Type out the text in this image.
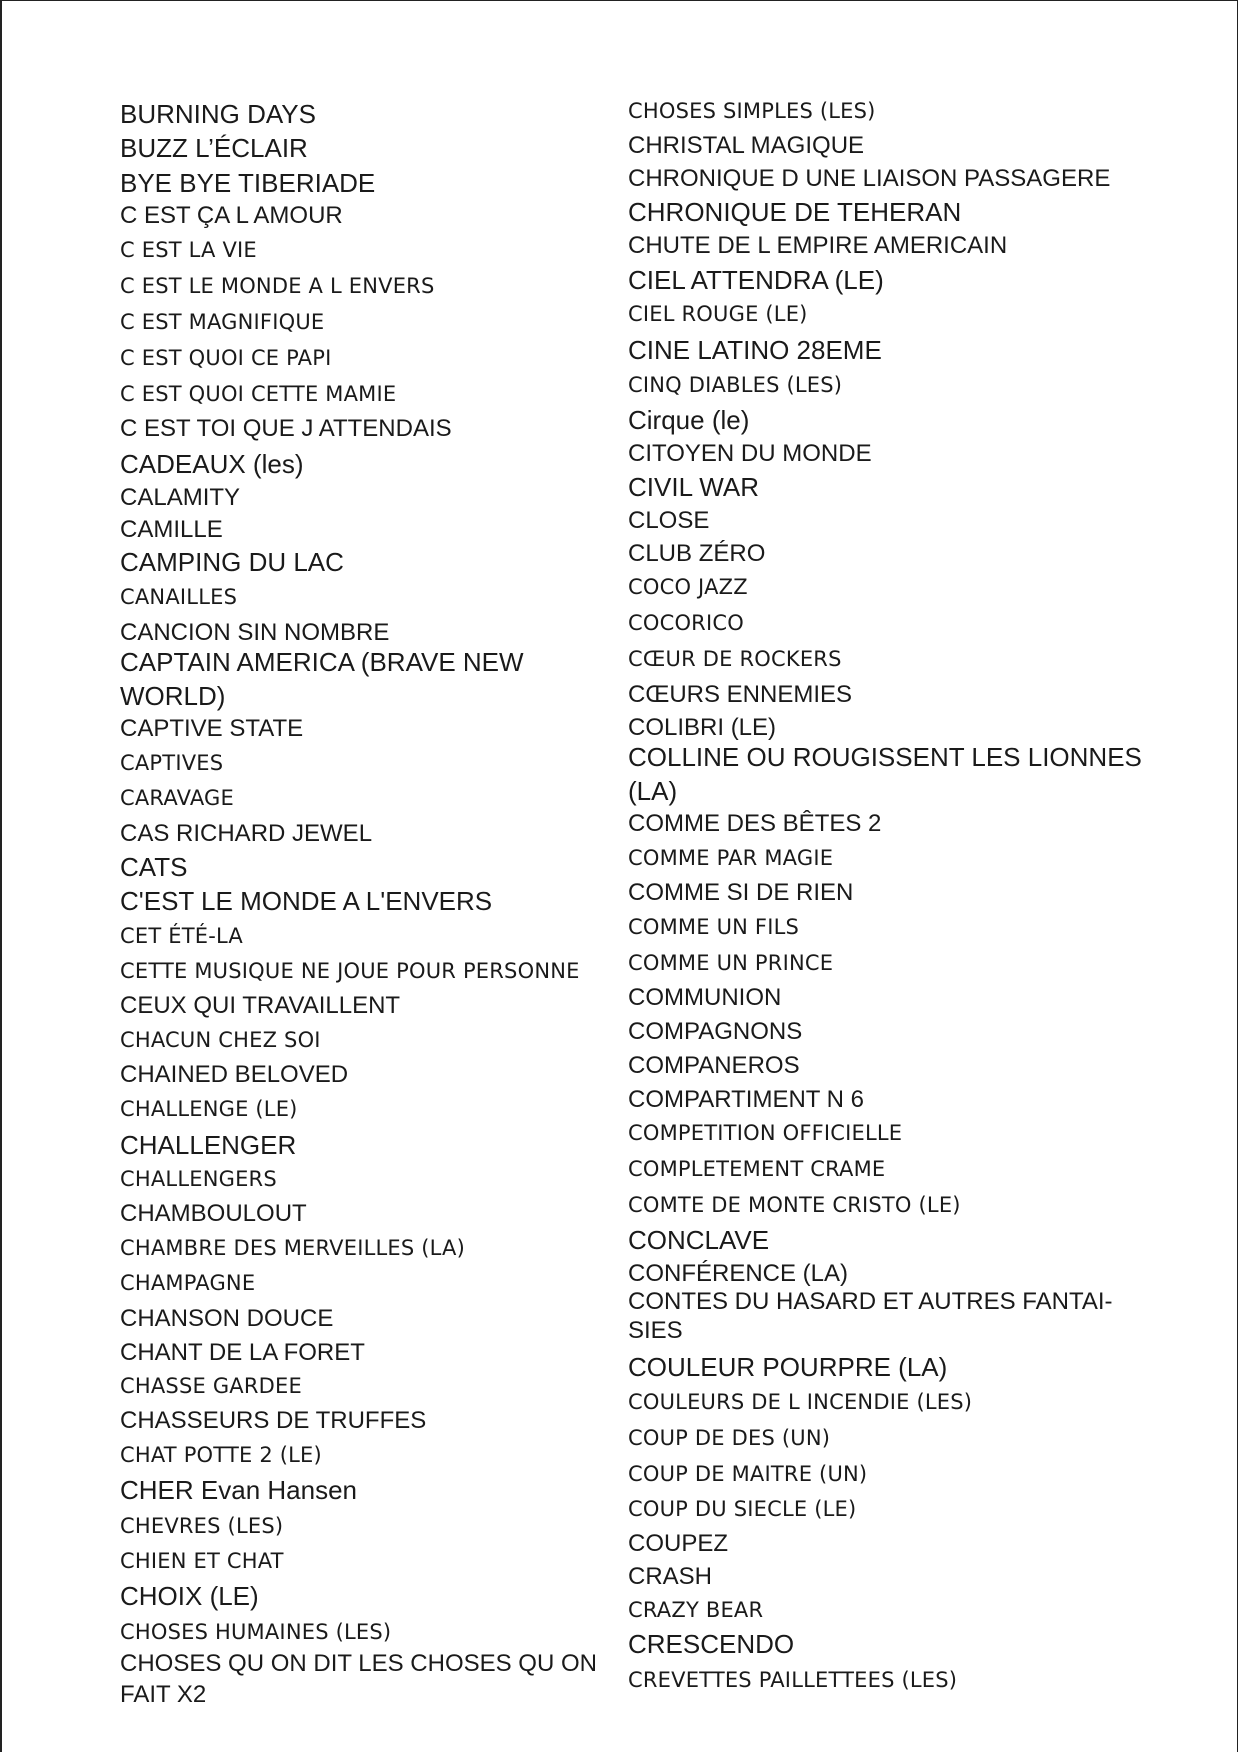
BURNING DAYS

BUZZ L’ÉCLAIR

BYE BYE TIBERIADE

C EST ÇA L AMOUR

C EST LA VIE

C EST LE MONDE A L ENVERS

C EST MAGNIFIQUE

C EST QUOI CE PAPI

C EST QUOI CETTE MAMIE

C EST TOI QUE J ATTENDAIS

CADEAUX (les)

CALAMITY

CAMILLE

CAMPING DU LAC

CANAILLES

CANCION SIN NOMBRE

CAPTAIN AMERICA (BRAVE NEW WORLD)

CAPTIVE STATE

CAPTIVES

CARAVAGE

CAS RICHARD JEWEL

CATS

C'EST LE MONDE A L'ENVERS

CET ÉTÉ-LA

CETTE MUSIQUE NE JOUE POUR PERSONNE

CEUX QUI TRAVAILLENT

CHACUN CHEZ SOI

CHAINED BELOVED

CHALLENGE (LE)

CHALLENGER

CHALLENGERS

CHAMBOULOUT

CHAMBRE DES MERVEILLES (LA)

CHAMPAGNE

CHANSON DOUCE

CHANT DE LA FORET

CHASSE GARDEE

CHASSEURS DE TRUFFES

CHAT POTTE 2 (LE)

CHER Evan Hansen

CHEVRES (LES)

CHIEN ET CHAT

CHOIX (LE)

CHOSES HUMAINES (LES)

CHOSES QU ON DIT LES CHOSES QU ON FAIT X2

CHOSES SIMPLES (LES)

CHRISTAL MAGIQUE

CHRONIQUE D UNE LIAISON PASSAGERE

CHRONIQUE DE TEHERAN

CHUTE DE L EMPIRE AMERICAIN

CIEL ATTENDRA (LE)

CIEL ROUGE (LE)

CINE LATINO 28EME

CINQ DIABLES (LES)

Cirque (le)

CITOYEN DU MONDE

CIVIL WAR

CLOSE

CLUB ZÉRO

COCO JAZZ

COCORICO

CŒUR DE ROCKERS

CŒURS ENNEMIES

COLIBRI (LE)

COLLINE OU ROUGISSENT LES LIONNES (LA)

COMME DES BÊTES 2

COMME PAR MAGIE

COMME SI DE RIEN

COMME UN FILS

COMME UN PRINCE

COMMUNION

COMPAGNONS

COMPANEROS

COMPARTIMENT N 6

COMPETITION OFFICIELLE

COMPLETEMENT CRAME

COMTE DE MONTE CRISTO (LE)

CONCLAVE

CONFÉRENCE (LA)

CONTES DU HASARD ET AUTRES FANTAI-SIES

COULEUR POURPRE (LA)

COULEURS DE L INCENDIE (LES)

COUP DE DES (UN)

COUP DE MAITRE (UN)

COUP DU SIECLE (LE)

COUPEZ

CRASH

CRAZY BEAR

CRESCENDO

CREVETTES PAILLETTEES (LES)
